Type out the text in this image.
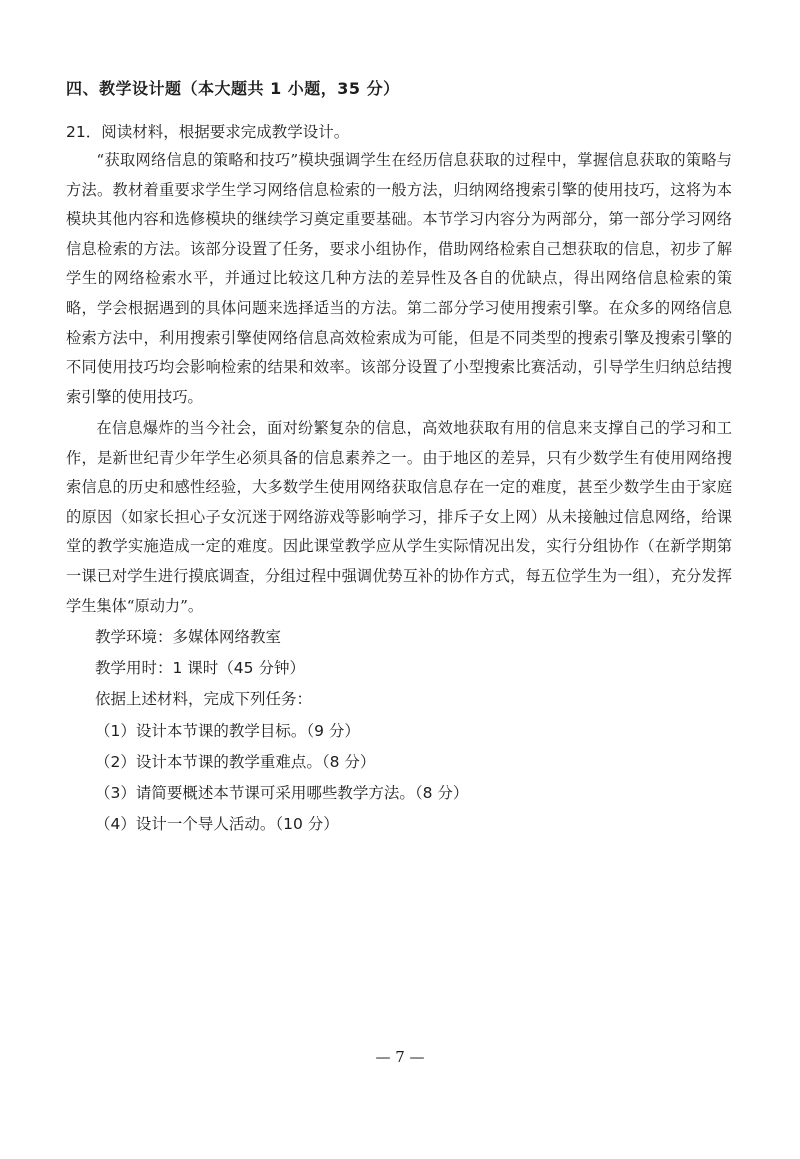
四、教学设计题（本大题共 1 小题，35 分）
21．阅读材料，根据要求完成教学设计。

“获取网络信息的策略和技巧”模块强调学生在经历信息获取的过程中，掌握信息获取的策略与方法。教材着重要求学生学习网络信息检索的一般方法，归纳网络搜索引擎的使用技巧，这将为本模块其他内容和选修模块的继续学习奠定重要基础。本节学习内容分为两部分，第一部分学习网络信息检索的方法。该部分设置了任务，要求小组协作，借助网络检索自己想获取的信息，初步了解学生的网络检索水平，并通过比较这几种方法的差异性及各自的优缺点，得出网络信息检索的策略，学会根据遇到的具体问题来选择适当的方法。第二部分学习使用搜索引擎。在众多的网络信息检索方法中，利用搜索引擎使网络信息高效检索成为可能，但是不同类型的搜索引擎及搜索引擎的不同使用技巧均会影响检索的结果和效率。该部分设置了小型搜索比赛活动，引导学生归纳总结搜索引擎的使用技巧。

在信息爆炸的当今社会，面对纷繁复杂的信息，高效地获取有用的信息来支撑自己的学习和工作，是新世纪青少年学生必须具备的信息素养之一。由于地区的差异，只有少数学生有使用网络搜索信息的历史和感性经验，大多数学生使用网络获取信息存在一定的难度，甚至少数学生由于家庭的原因（如家长担心子女沉迷于网络游戏等影响学习，排斥子女上网）从未接触过信息网络，给课堂的教学实施造成一定的难度。因此课堂教学应从学生实际情况出发，实行分组协作（在新学期第一课已对学生进行摸底调查，分组过程中强调优势互补的协作方式，每五位学生为一组），充分发挥学生集体“原动力”。

教学环境：多媒体网络教室
教学用时：1 课时（45 分钟）
依据上述材料，完成下列任务：
（1）设计本节课的教学目标。（9 分）
（2）设计本节课的教学重难点。（8 分）
（3）请简要概述本节课可采用哪些教学方法。（8 分）
（4）设计一个导人活动。（10 分）
— 7 —
